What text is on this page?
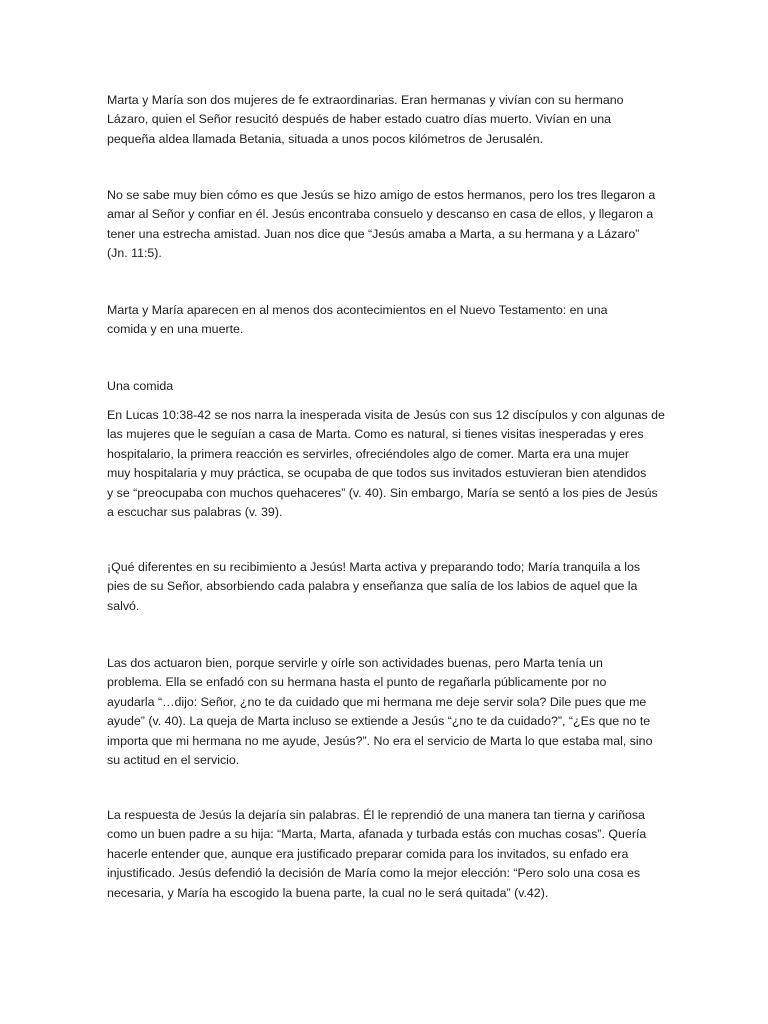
Marta y María son dos mujeres de fe extraordinarias. Eran hermanas y vivían con su hermano
Lázaro, quien el Señor resucitó después de haber estado cuatro días muerto. Vivían en una
pequeña aldea llamada Betania, situada a unos pocos kilómetros de Jerusalén.

No se sabe muy bien cómo es que Jesús se hizo amigo de estos hermanos, pero los tres llegaron a
amar al Señor y confiar en él. Jesús encontraba consuelo y descanso en casa de ellos, y llegaron a
tener una estrecha amistad. Juan nos dice que “Jesús amaba a Marta, a su hermana y a Lázaro”
(Jn. 11:5).

Marta y María aparecen en al menos dos acontecimientos en el Nuevo Testamento: en una
comida y en una muerte.

Una comida

En Lucas 10:38-42 se nos narra la inesperada visita de Jesús con sus 12 discípulos y con algunas de
las mujeres que le seguían a casa de Marta. Como es natural, si tienes visitas inesperadas y eres
hospitalario, la primera reacción es servirles, ofreciéndoles algo de comer. Marta era una mujer
muy hospitalaria y muy práctica, se ocupaba de que todos sus invitados estuvieran bien atendidos
y se “preocupaba con muchos quehaceres” (v. 40). Sin embargo, María se sentó a los pies de Jesús
a escuchar sus palabras (v. 39).

¡Qué diferentes en su recibimiento a Jesús! Marta activa y preparando todo; María tranquila a los
pies de su Señor, absorbiendo cada palabra y enseñanza que salía de los labios de aquel que la
salvó.

Las dos actuaron bien, porque servirle y oírle son actividades buenas, pero Marta tenía un
problema. Ella se enfadó con su hermana hasta el punto de regañarla públicamente por no
ayudarla “…dijo: Señor, ¿no te da cuidado que mi hermana me deje servir sola? Dile pues que me
ayude” (v. 40). La queja de Marta incluso se extiende a Jesús “¿no te da cuidado?”, “¿Es que no te
importa que mi hermana no me ayude, Jesús?”. No era el servicio de Marta lo que estaba mal, sino
su actitud en el servicio.

La respuesta de Jesús la dejaría sin palabras. Él le reprendió de una manera tan tierna y cariñosa
como un buen padre a su hija: “Marta, Marta, afanada y turbada estás con muchas cosas”. Quería
hacerle entender que, aunque era justificado preparar comida para los invitados, su enfado era
injustificado. Jesús defendió la decisión de María como la mejor elección: “Pero solo una cosa es
necesaria, y María ha escogido la buena parte, la cual no le será quitada” (v.42).
